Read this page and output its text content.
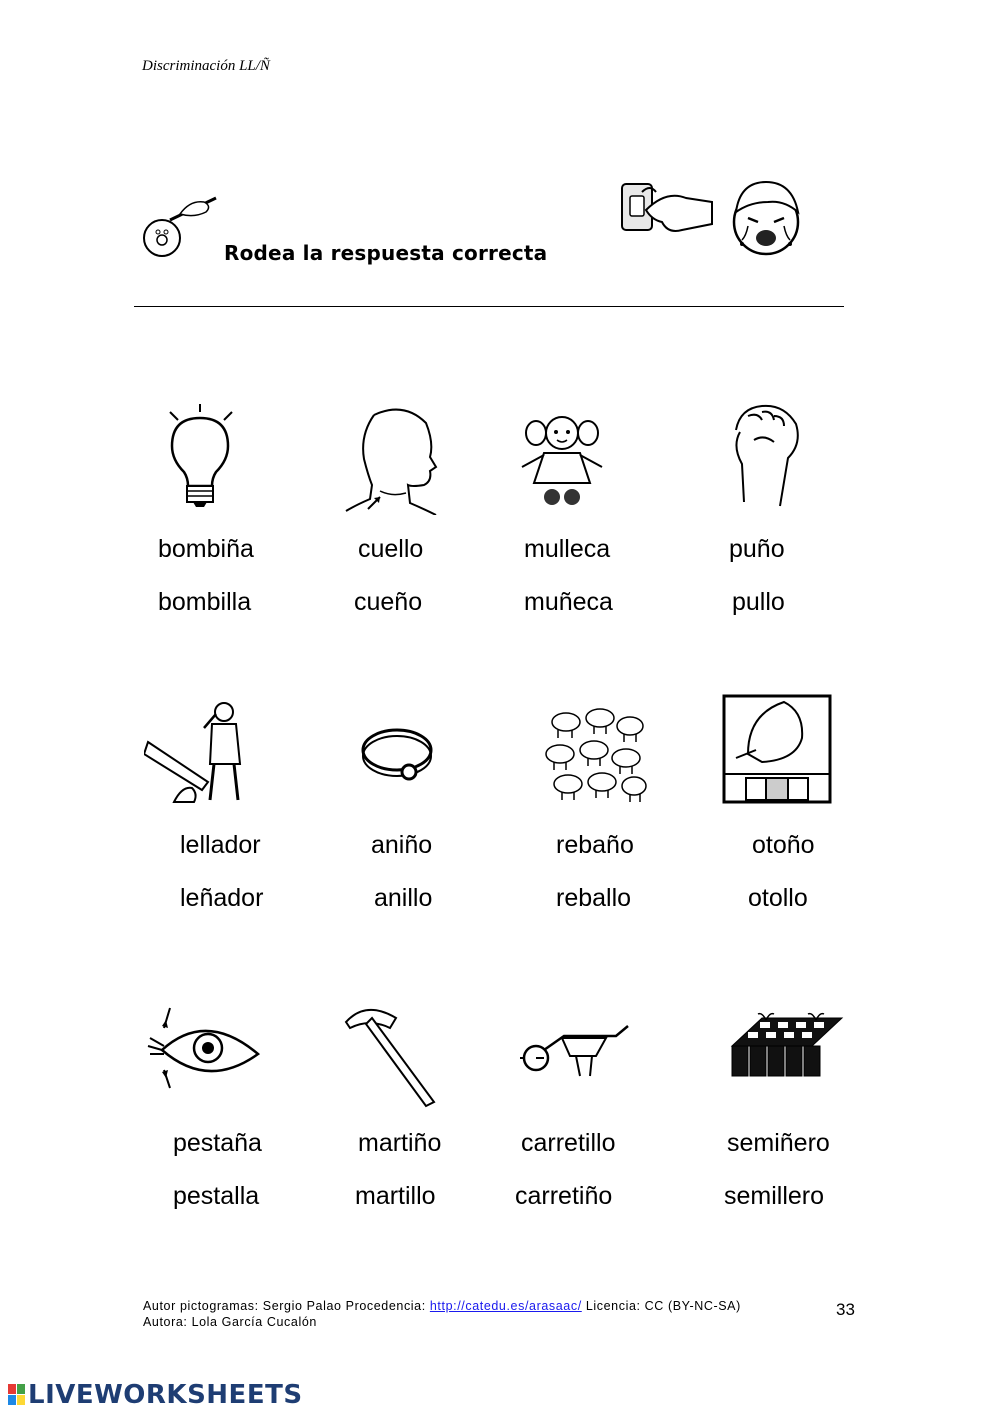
Discriminación LL/Ñ
Rodea la respuesta correcta
bombiña
bombilla
cuello
cueño
mulleca
muñeca
puño
pullo
lellador
leñador
aniño
anillo
rebaño
reballo
otoño
otollo
pestaña
pestalla
martiño
martillo
carretillo
carretiño
semiñero
semillero
Autor pictogramas: Sergio Palao Procedencia: http://catedu.es/arasaac/ Licencia: CC (BY-NC-SA)
Autora: Lola García Cucalón
33
LIVEWORKSHEETS
